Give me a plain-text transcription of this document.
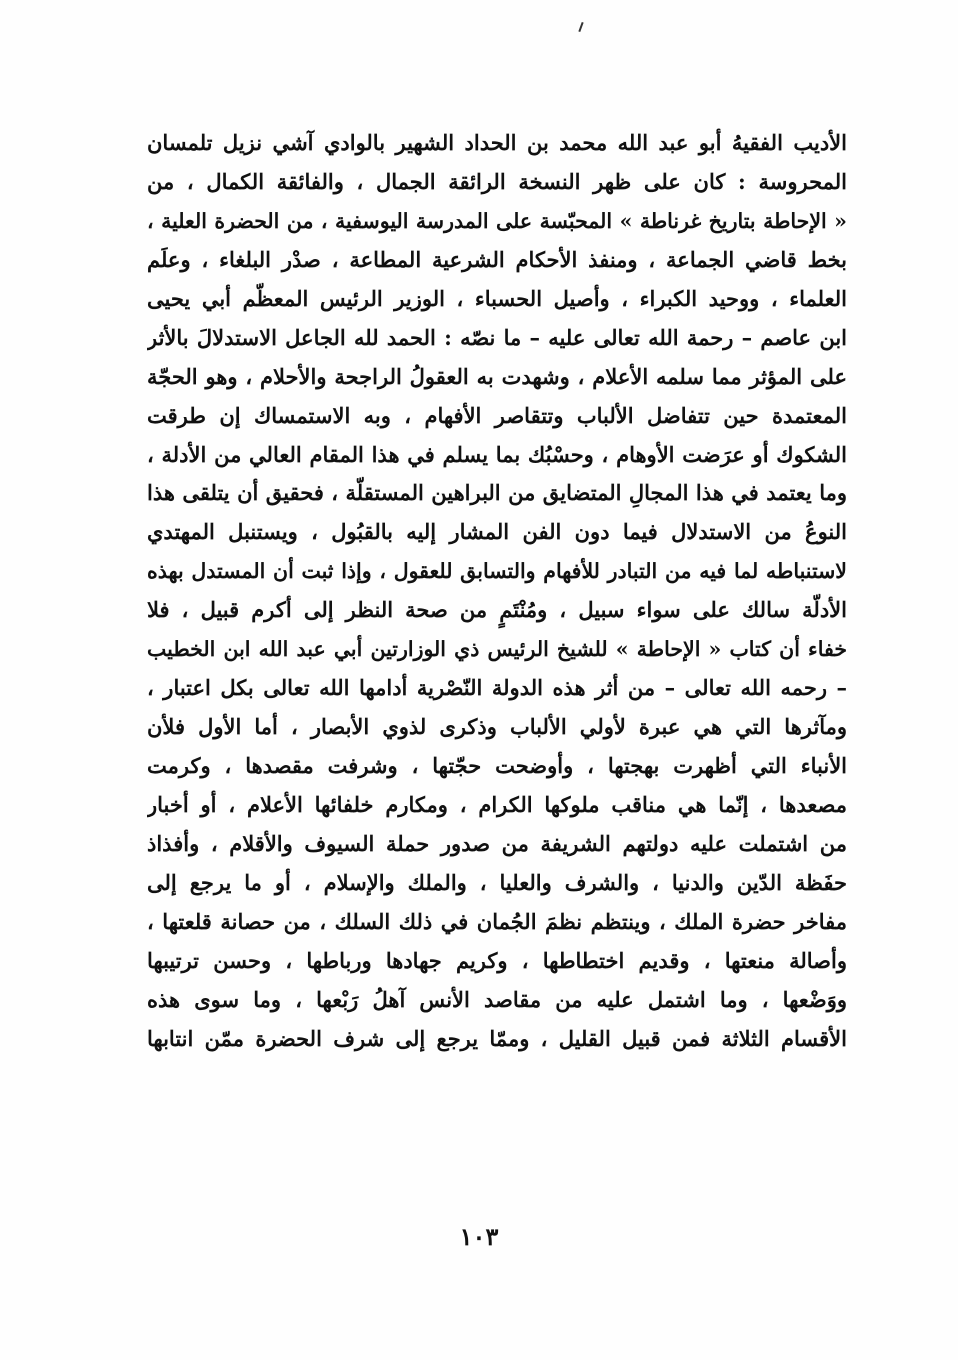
الأديب الفقيهُ أبو عبد الله محمد بن الحداد الشهير بالوادي آشي نزيل تلمسان
المحروسة : كان على ظهر النسخة الرائقة الجمال ، والفائقة الكمال ، من
« الإحاطة بتاريخ غرناطة » المحبّسة على المدرسة اليوسفية ، من الحضرة العلية ،
بخط قاضي الجماعة ، ومنفذ الأحكام الشرعية المطاعة ، صدْر البلغاء ، وعلَم
العلماء ، ووحيد الكبراء ، وأصيل الحسباء ، الوزير الرئيس المعظّم أبي يحيى
ابن عاصم – رحمة الله تعالى عليه – ما نصّه : الحمد لله الجاعل الاستدلالَ بالأثر
على المؤثر مما سلمه الأعلام ، وشهدت به العقولُ الراجحة والأحلام ، وهو الحجّة
المعتمدة حين تتفاضل الألباب وتتقاصر الأفهام ، وبه الاستمساك إن طرقت
الشكوك أو عرَضت الأوهام ، وحسْبُك بما يسلم في هذا المقام العالي من الأدلة ،
وما يعتمد في هذا المجالِ المتضايق من البراهين المستقلّة ، فحقيق أن يتلقى هذا
النوعُ من الاستدلال فيما دون الفن المشار إليه بالقبُول ، ويستنبل المهتدي
لاستنباطه لما فيه من التبادر للأفهام والتسابق للعقول ، وإذا ثبت أن المستدل بهذه
الأدلّة سالك على سواء سبيل ، ومُنْتَمٍ من صحة النظر إلى أكرم قبيل ، فلا
خفاء أن كتاب « الإحاطة » للشيخ الرئيس ذي الوزارتين أبي عبد الله ابن الخطيب
– رحمه الله تعالى – من أثر هذه الدولة النّصْرية أدامها الله تعالى بكل اعتبار ،
ومآثرها التي هي عبرة لأولي الألباب وذكرى لذوي الأبصار ، أما الأول فلأن
الأنباء التي أظهرت بهجتها ، وأوضحت حجّتها ، وشرفت مقصدها ، وكرمت
مصعدها ، إنّما هي مناقب ملوكها الكرام ، ومكارم خلفائها الأعلام ، أو أخبار
من اشتملت عليه دولتهم الشريفة من صدور حملة السيوف والأقلام ، وأفذاذ
حفَظة الدّين والدنيا ، والشرف والعليا ، والملك والإسلام ، أو ما يرجع إلى
مفاخر حضرة الملك ، وينتظم نظمَ الجُمان في ذلك السلك ، من حصانة قلعتها ،
وأصالة منعتها ، وقديم اختطاطها ، وكريم جهادها ورباطها ، وحسن ترتيبها
ووَضْعها ، وما اشتمل عليه من مقاصد الأنس آهلُ رَبْعها ، وما سوى هذه
الأقسام الثلاثة فمن قبيل القليل ، وممّا يرجع إلى شرف الحضرة ممّن انتابها
١٠٣
